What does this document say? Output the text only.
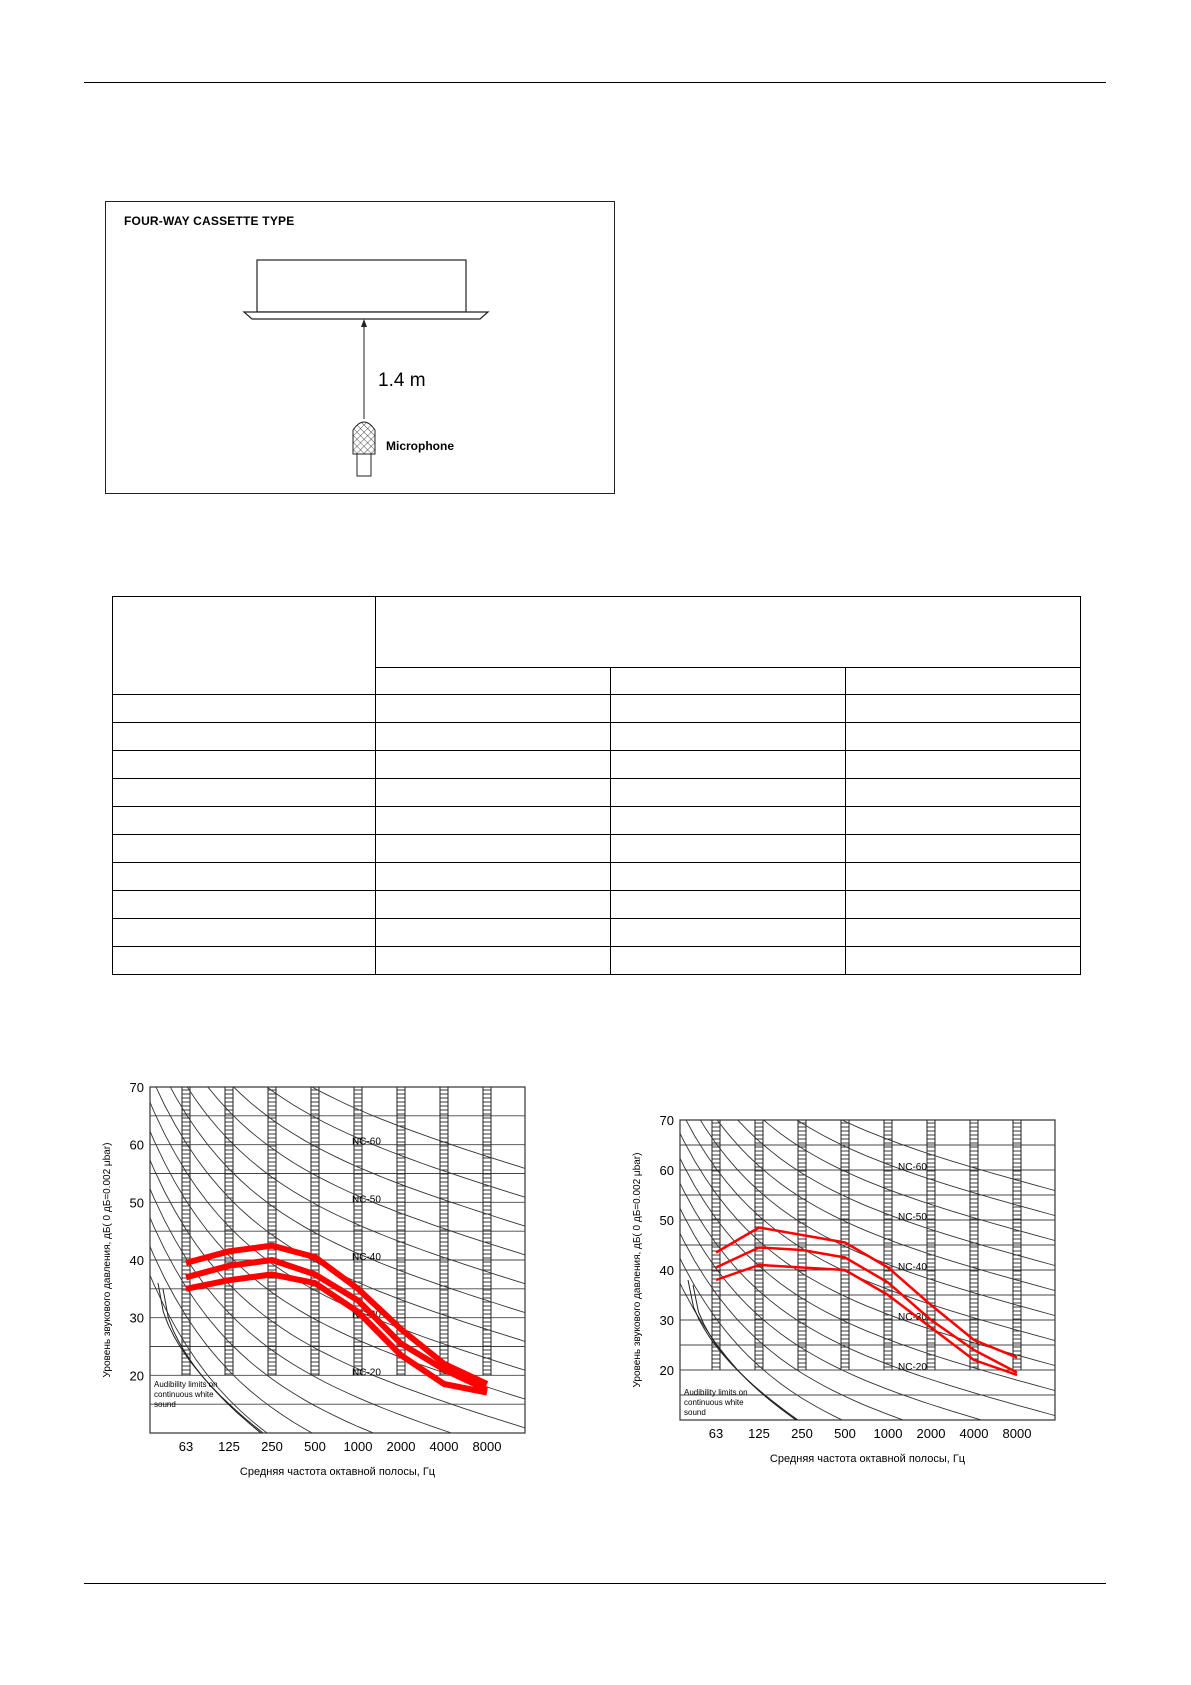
FOUR-WAY CASSETTE TYPE
1.4 m
Microphone

NC-60
NC-50
NC-40
NC-30
NC-20
Audibility limits on
continuous white
sound
70
60
50
40
30
20
63 125 250 500 1000 2000 4000 8000
Средняя частота октавной полосы, Гц
Уровень звукового давления, дБ( 0 дБ=0.002 μbar)	NC-60
NC-50
NC-40
NC-30
NC-20
Audibility limits on
continuous white
sound
70
60
50
40
30
20
63 125 250 500 1000 2000 4000 8000
Средняя частота октавной полосы, Гц
Уровень звукового давления, дБ( 0 дБ=0.002 μbar)
